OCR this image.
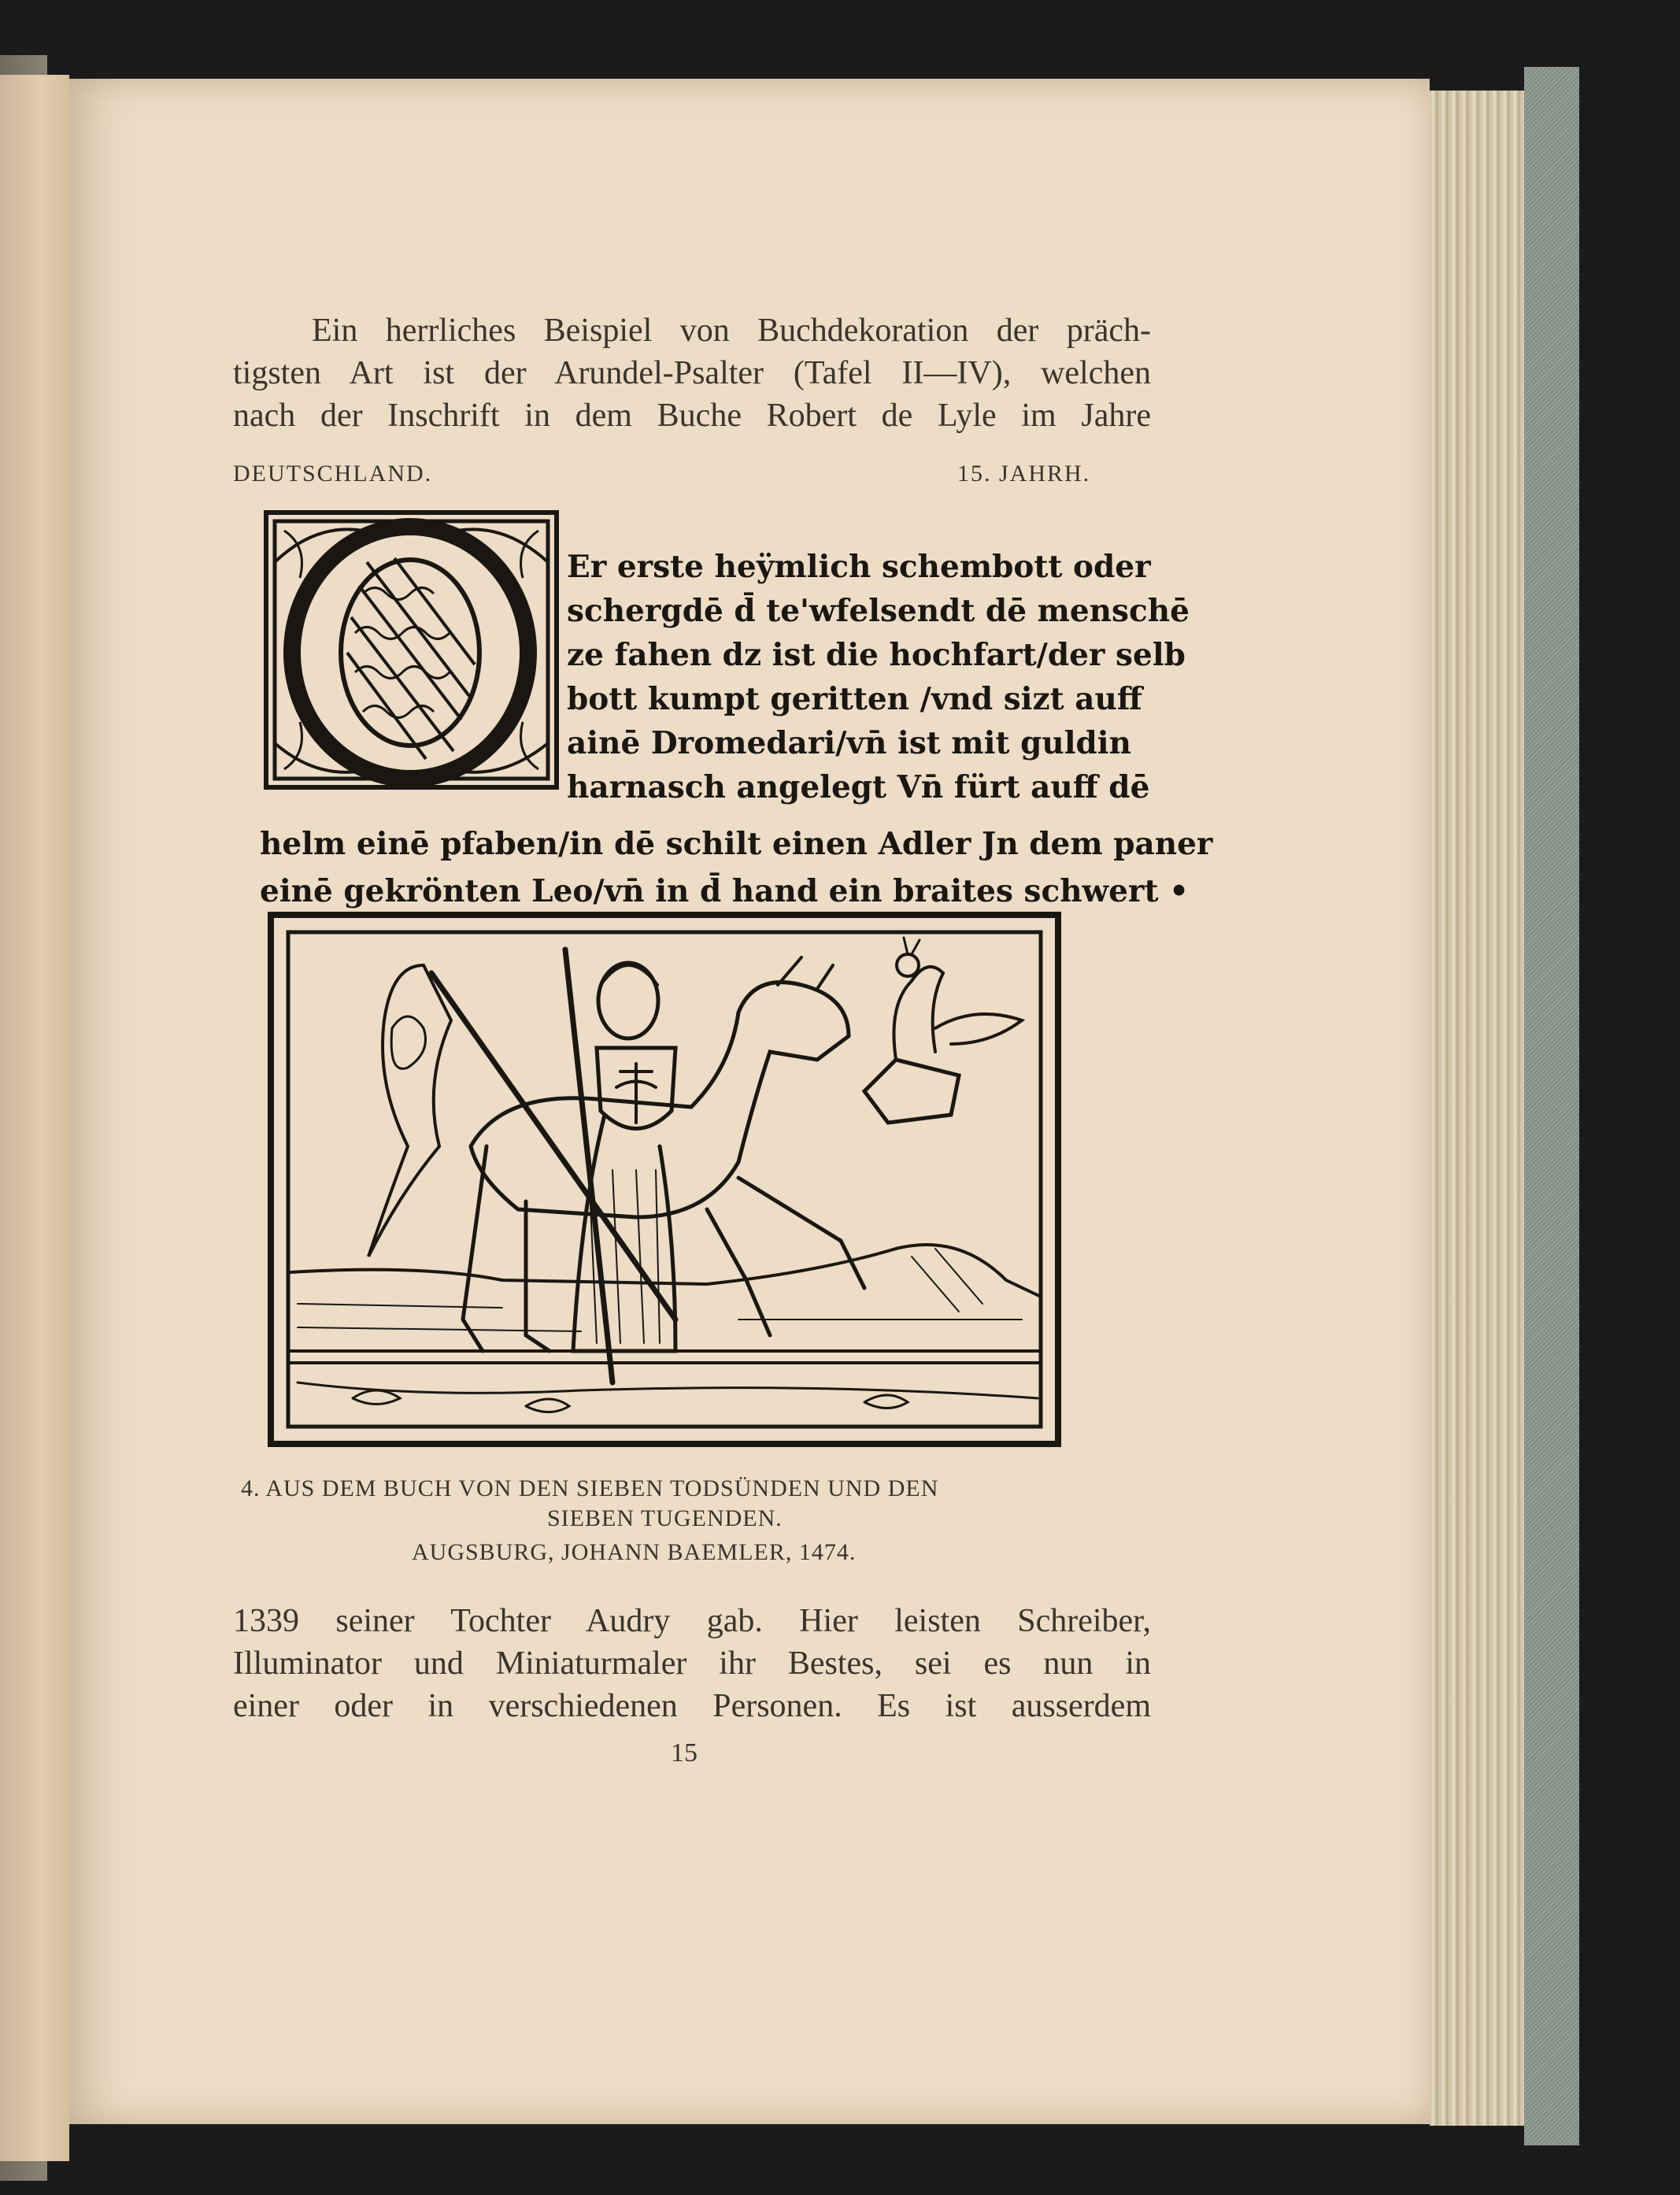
Ein herrliches Beispiel von Buchdekoration der präch-

tigsten Art ist der Arundel-Psalter (Tafel II—IV), welchen

nach der Inschrift in dem Buche Robert de Lyle im Jahre

DEUTSCHLAND.	15. JAHRH.

Er erste heÿmlich schembott oder

schergdē d̄ te'wfelsendt dē menschē

ze fahen dz ist die hochfart/der selb

bott kumpt geritten /vnd sizt auff

ainē Dromedari/vn̄ ist mit guldin

harnasch angelegt Vn̄ fürt auff dē

helm einē pfaben/in dē schilt einen Adler Jn dem paner

einē gekrönten Leo/vn̄ in d̄ hand ein braites schwert •

4. AUS DEM BUCH VON DEN SIEBEN TODSÜNDEN UND DEN

SIEBEN TUGENDEN.

AUGSBURG, JOHANN BAEMLER, 1474.

1339 seiner Tochter Audry gab. Hier leisten Schreiber,

Illuminator und Miniaturmaler ihr Bestes, sei es nun in

einer oder in verschiedenen Personen. Es ist ausserdem

15
